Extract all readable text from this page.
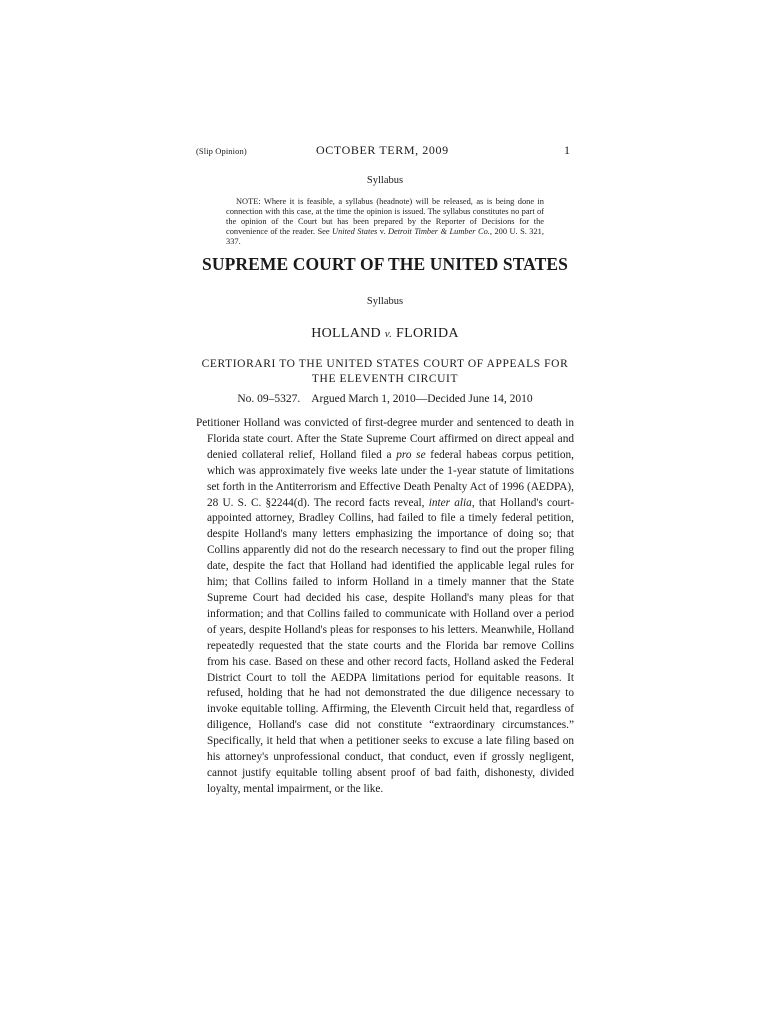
(Slip Opinion)	OCTOBER TERM, 2009	1
Syllabus
NOTE: Where it is feasible, a syllabus (headnote) will be released, as is being done in connection with this case, at the time the opinion is issued. The syllabus constitutes no part of the opinion of the Court but has been prepared by the Reporter of Decisions for the convenience of the reader. See United States v. Detroit Timber & Lumber Co., 200 U. S. 321, 337.
SUPREME COURT OF THE UNITED STATES
Syllabus
HOLLAND v. FLORIDA
CERTIORARI TO THE UNITED STATES COURT OF APPEALS FOR
THE ELEVENTH CIRCUIT
No. 09–5327. Argued March 1, 2010—Decided June 14, 2010
Petitioner Holland was convicted of first-degree murder and sentenced to death in Florida state court. After the State Supreme Court affirmed on direct appeal and denied collateral relief, Holland filed a pro se federal habeas corpus petition, which was approximately five weeks late under the 1-year statute of limitations set forth in the Antiterrorism and Effective Death Penalty Act of 1996 (AEDPA), 28 U. S. C. §2244(d). The record facts reveal, inter alia, that Holland's court-appointed attorney, Bradley Collins, had failed to file a timely federal petition, despite Holland's many letters emphasizing the importance of doing so; that Collins apparently did not do the research necessary to find out the proper filing date, despite the fact that Holland had identified the applicable legal rules for him; that Collins failed to inform Holland in a timely manner that the State Supreme Court had decided his case, despite Holland's many pleas for that information; and that Collins failed to communicate with Holland over a period of years, despite Holland's pleas for responses to his letters. Meanwhile, Holland repeatedly requested that the state courts and the Florida bar remove Collins from his case. Based on these and other record facts, Holland asked the Federal District Court to toll the AEDPA limitations period for equitable reasons. It refused, holding that he had not demonstrated the due diligence necessary to invoke equitable tolling. Affirming, the Eleventh Circuit held that, regardless of diligence, Holland's case did not constitute “extraordinary circumstances.” Specifically, it held that when a petitioner seeks to excuse a late filing based on his attorney's unprofessional conduct, that conduct, even if grossly negligent, cannot justify equitable tolling absent proof of bad faith, dishonesty, divided loyalty, mental impairment, or the like.
